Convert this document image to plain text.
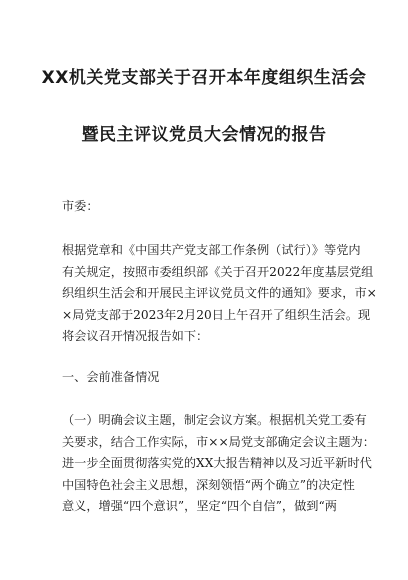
XX机关党支部关于召开本年度组织生活会
暨民主评议党员大会情况的报告
市委：
根据党章和《中国共产党支部工作条例（试行）》等党内
有关规定，按照市委组织部《关于召开2022年度基层党组
织组织生活会和开展民主评议党员文件的通知》要求，市×
×局党支部于2023年2月20日上午召开了组织生活会。现
将会议召开情况报告如下：
一、会前准备情况
（一）明确会议主题，制定会议方案。根据机关党工委有
关要求，结合工作实际，市××局党支部确定会议主题为：
进一步全面贯彻落实党的XX大报告精神以及习近平新时代
中国特色社会主义思想，深刻领悟“两个确立”的决定性
意义，增强“四个意识”，坚定“四个自信”，做到“两
